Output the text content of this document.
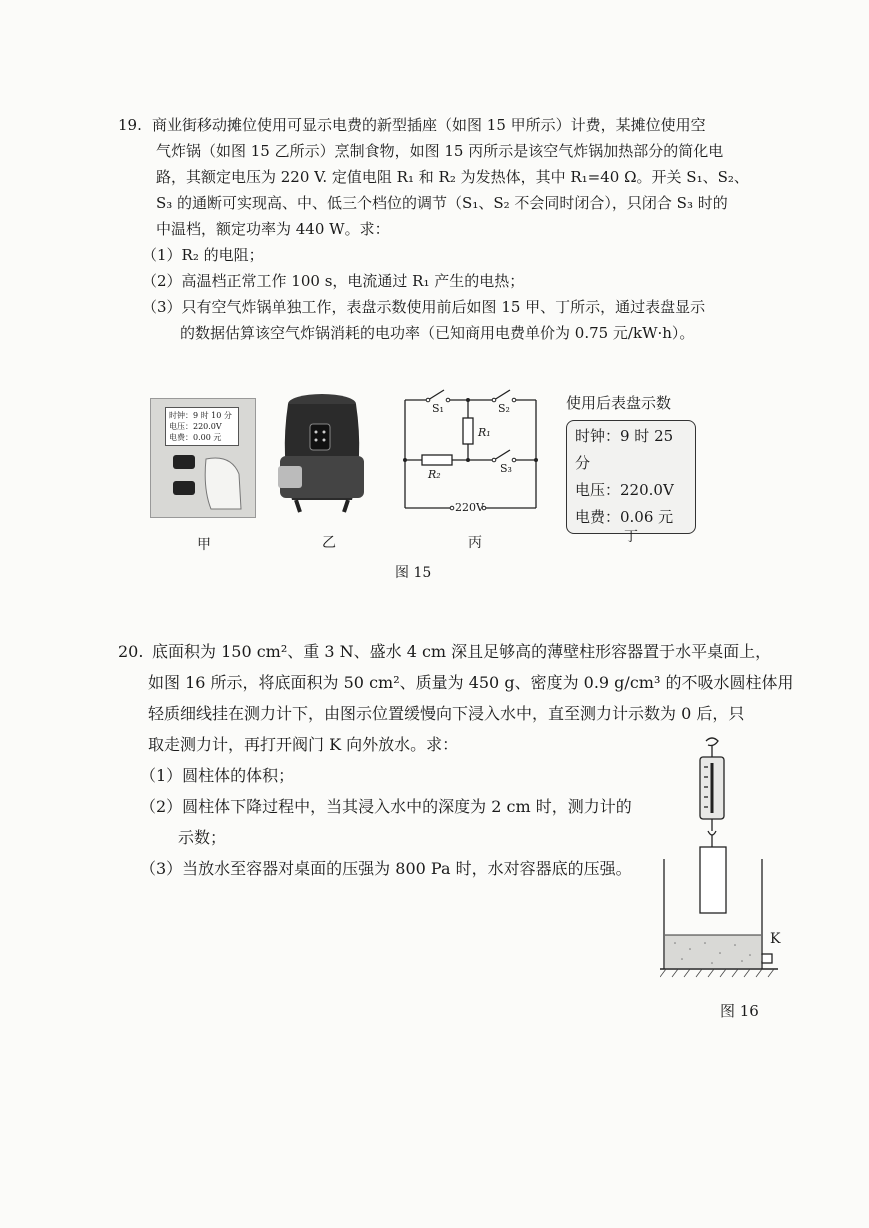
19. 商业街移动摊位使用可显示电费的新型插座（如图 15 甲所示）计费，某摊位使用空
气炸锅（如图 15 乙所示）烹制食物，如图 15 丙所示是该空气炸锅加热部分的简化电
路，其额定电压为 220 V. 定值电阻 R₁ 和 R₂ 为发热体，其中 R₁=40 Ω。开关 S₁、S₂、
S₃ 的通断可实现高、中、低三个档位的调节（S₁、S₂ 不会同时闭合），只闭合 S₃ 时的
中温档，额定功率为 440 W。求：
（1）R₂ 的电阻；
（2）高温档正常工作 100 s，电流通过 R₁ 产生的电热；
（3）只有空气炸锅单独工作，表盘示数使用前后如图 15 甲、丁所示，通过表盘显示
的数据估算该空气炸锅消耗的电功率（已知商用电费单价为 0.75 元/kW·h）。
时钟：9 时 10 分
电压：220.0V
电费：0.00 元
S₁	S₂
R₁
R₂	S₃
220V
使用后表盘示数
时钟：9 时 25 分
电压：220.0V
电费：0.06 元
甲	乙	丙	丁
图 15
20. 底面积为 150 cm²、重 3 N、盛水 4 cm 深且足够高的薄壁柱形容器置于水平桌面上，
如图 16 所示，将底面积为 50 cm²、质量为 450 g、密度为 0.9 g/cm³ 的不吸水圆柱体用
轻质细线挂在测力计下，由图示位置缓慢向下浸入水中，直至测力计示数为 0 后，只
取走测力计，再打开阀门 K 向外放水。求：
（1）圆柱体的体积；
（2）圆柱体下降过程中，当其浸入水中的深度为 2 cm 时，测力计的
示数；
（3）当放水至容器对桌面的压强为 800 Pa 时，水对容器底的压强。
K
图 16
